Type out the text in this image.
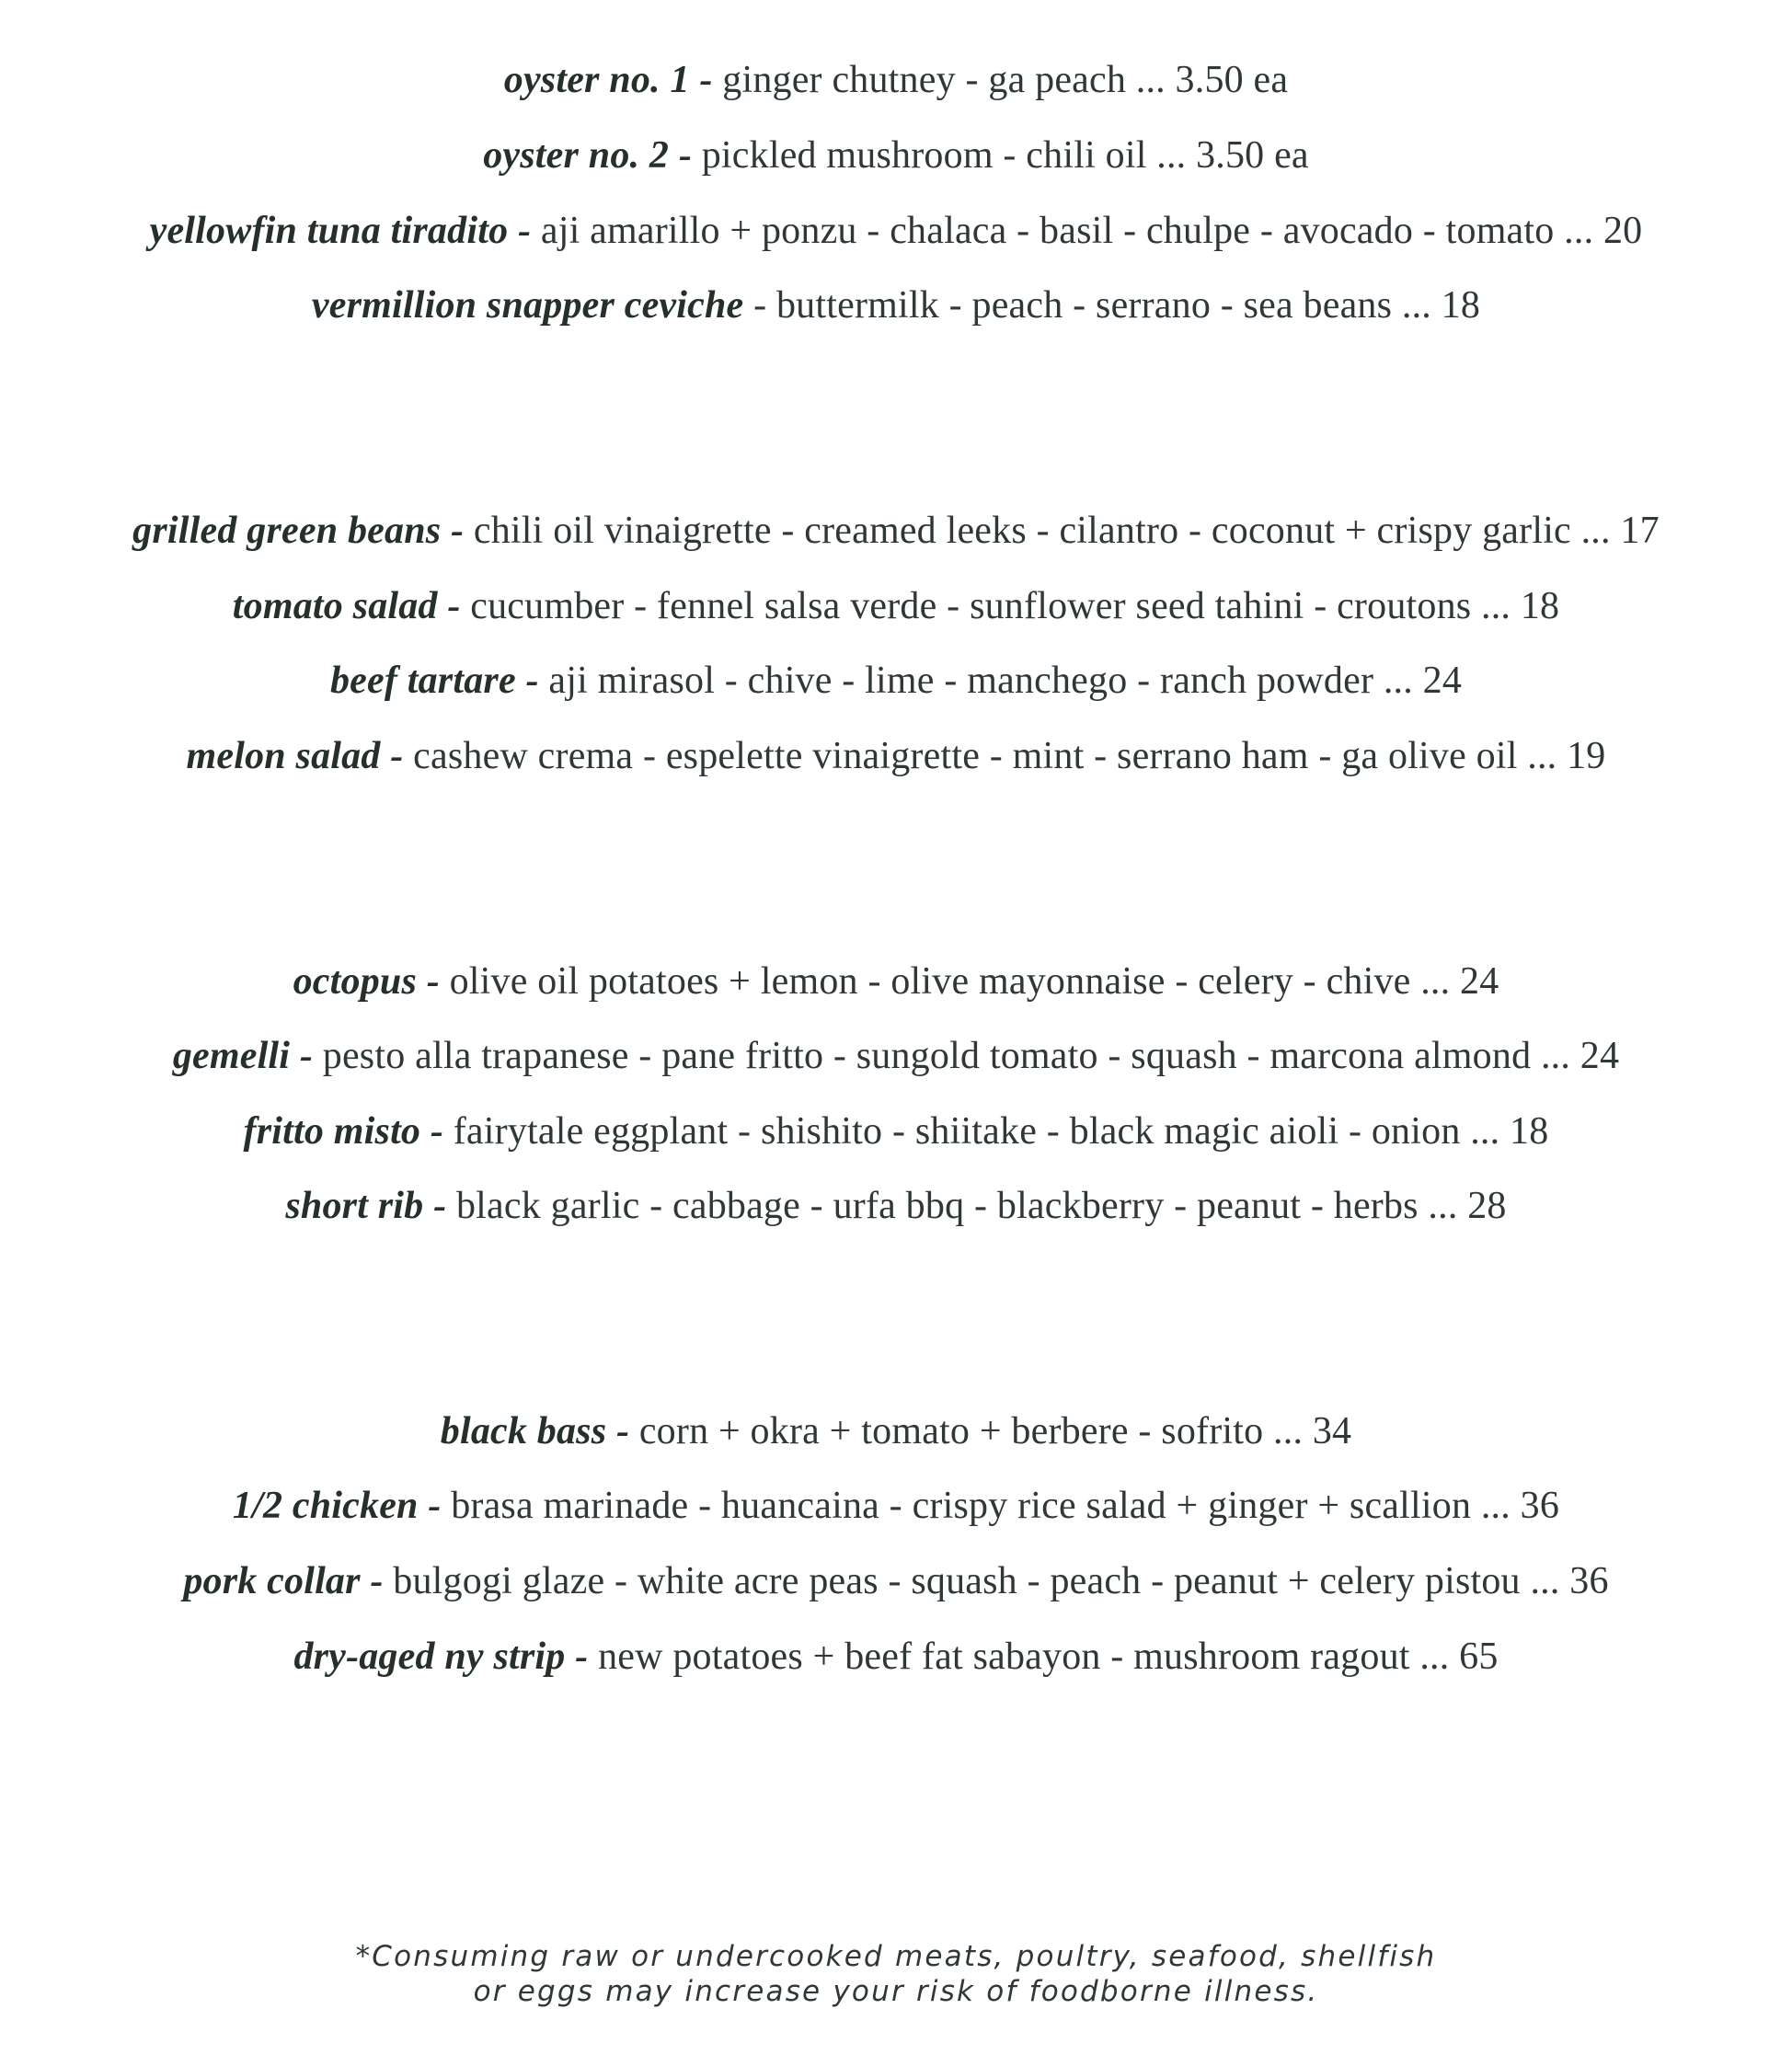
oyster no. 1 - ginger chutney - ga peach ... 3.50 ea
oyster no. 2 - pickled mushroom - chili oil ... 3.50 ea
yellowfin tuna tiradito - aji amarillo + ponzu - chalaca - basil - chulpe - avocado - tomato ... 20
vermillion snapper ceviche - buttermilk - peach - serrano - sea beans ... 18
grilled green beans - chili oil vinaigrette - creamed leeks - cilantro - coconut + crispy garlic ... 17
tomato salad - cucumber - fennel salsa verde - sunflower seed tahini - croutons ... 18
beef tartare - aji mirasol - chive - lime - manchego - ranch powder ... 24
melon salad - cashew crema - espelette vinaigrette - mint - serrano ham - ga olive oil ... 19
octopus - olive oil potatoes + lemon - olive mayonnaise - celery - chive ... 24
gemelli - pesto alla trapanese - pane fritto - sungold tomato - squash - marcona almond ... 24
fritto misto - fairytale eggplant - shishito - shiitake - black magic aioli - onion ... 18
short rib - black garlic - cabbage - urfa bbq - blackberry - peanut - herbs ... 28
black bass - corn + okra + tomato + berbere - sofrito ... 34
1/2 chicken - brasa marinade - huancaina - crispy rice salad + ginger + scallion ... 36
pork collar - bulgogi glaze - white acre peas - squash - peach - peanut + celery pistou ... 36
dry-aged ny strip - new potatoes + beef fat sabayon - mushroom ragout ... 65
*Consuming raw or undercooked meats, poultry, seafood, shellfish
or eggs may increase your risk of foodborne illness.
